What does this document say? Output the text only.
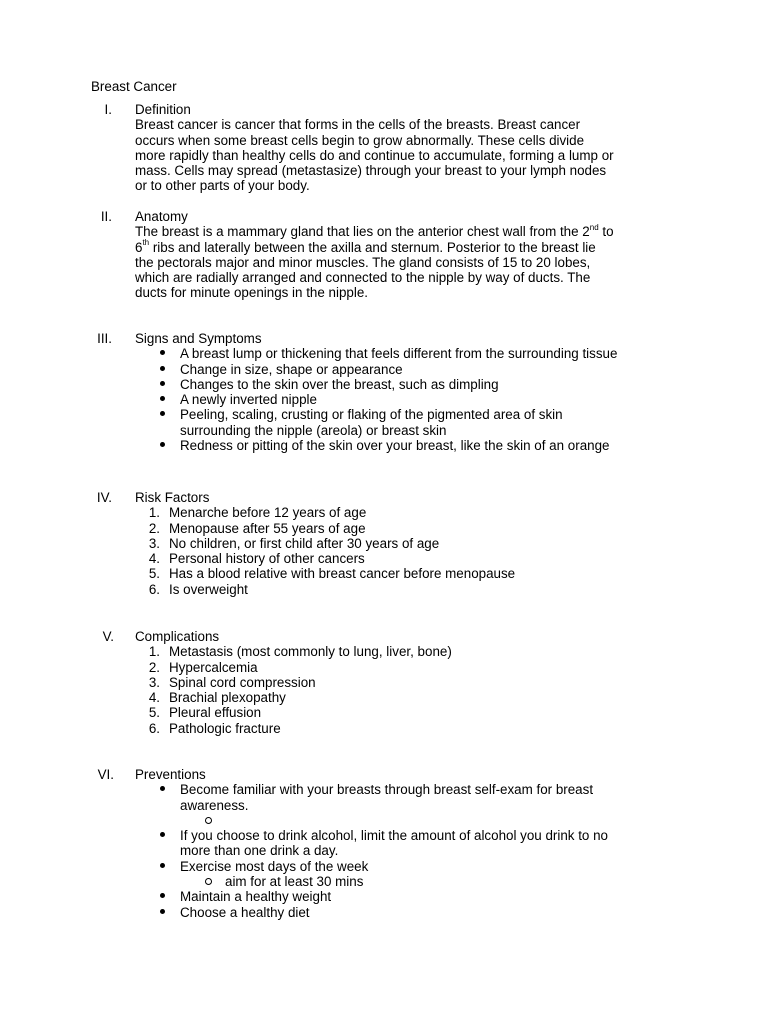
Breast Cancer
I. Definition

Breast cancer is cancer that forms in the cells of the breasts. Breast cancer

occurs when some breast cells begin to grow abnormally. These cells divide

more rapidly than healthy cells do and continue to accumulate, forming a lump or

mass. Cells may spread (metastasize) through your breast to your lymph nodes

or to other parts of your body.

II. Anatomy

The breast is a mammary gland that lies on the anterior chest wall from the 2nd to

6th ribs and laterally between the axilla and sternum. Posterior to the breast lie

the pectorals major and minor muscles. The gland consists of 15 to 20 lobes,

which are radially arranged and connected to the nipple by way of ducts. The

ducts for minute openings in the nipple.

III. Signs and Symptoms

A breast lump or thickening that feels different from the surrounding tissue
Change in size, shape or appearance
Changes to the skin over the breast, such as dimpling
A newly inverted nipple
Peeling, scaling, crusting or flaking of the pigmented area of skin
surrounding the nipple (areola) or breast skin
Redness or pitting of the skin over your breast, like the skin of an orange
IV. Risk Factors

1. Menarche before 12 years of age
2. Menopause after 55 years of age
3. No children, or first child after 30 years of age
4. Personal history of other cancers
5. Has a blood relative with breast cancer before menopause
6. Is overweight
V. Complications

1. Metastasis (most commonly to lung, liver, bone)
2. Hypercalcemia
3. Spinal cord compression
4. Brachial plexopathy
5. Pleural effusion
6. Pathologic fracture
VI. Preventions

Become familiar with your breasts through breast self-exam for breast
awareness.
If you choose to drink alcohol, limit the amount of alcohol you drink to no
more than one drink a day.
Exercise most days of the week
aim for at least 30 mins
Maintain a healthy weight
Choose a healthy diet
